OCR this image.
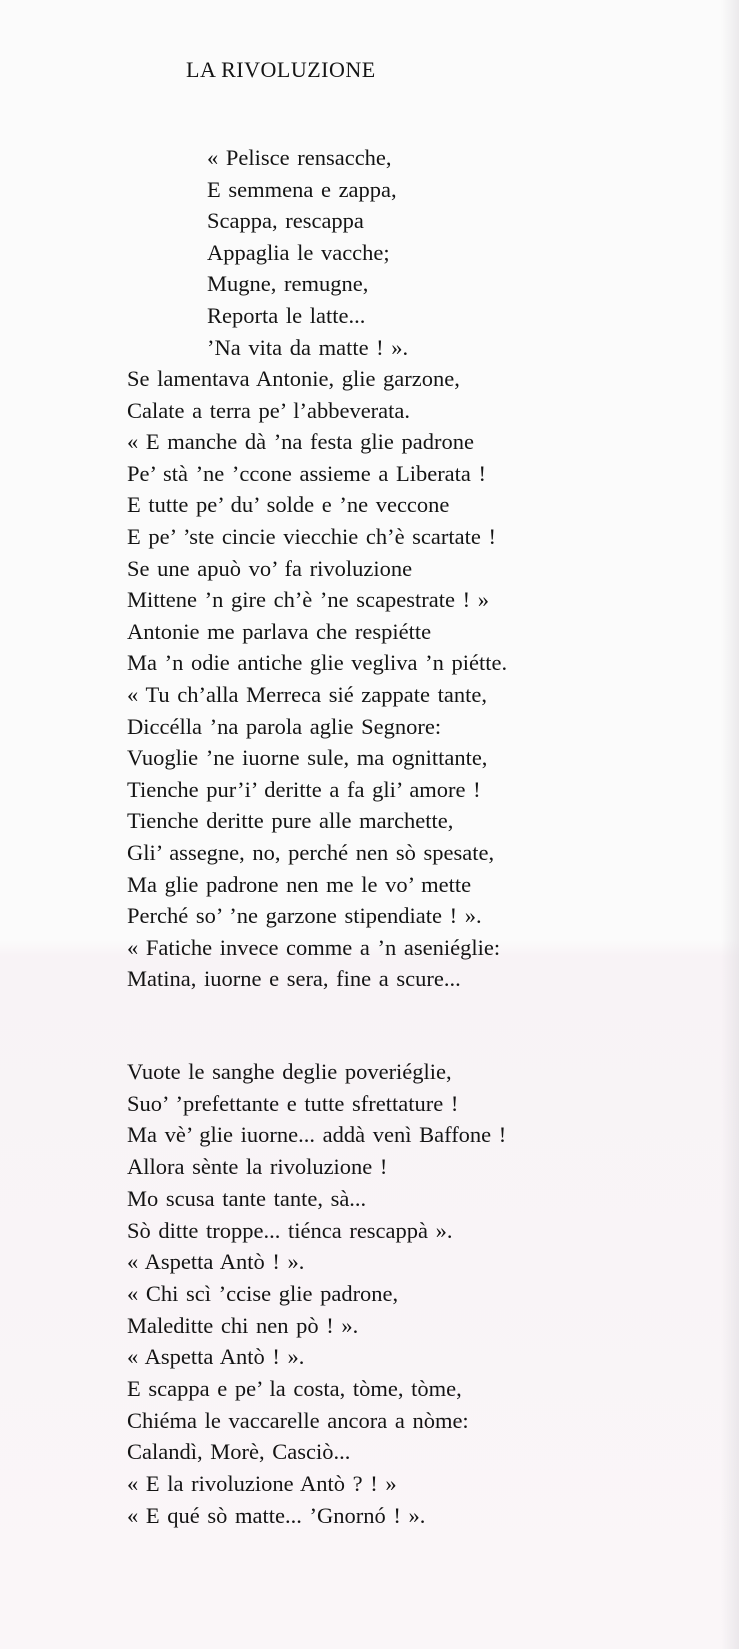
LA RIVOLUZIONE
« Pelisce rensacche,
E semmena e zappa,
Scappa, rescappa
Appaglia le vacche;
Mugne, remugne,
Reporta le latte...
’Na vita da matte ! ».
Se lamentava Antonie, glie garzone,
Calate a terra pe’ l’abbeverata.
« E manche dà ’na festa glie padrone
Pe’ stà ’ne ’ccone assieme a Liberata !
E tutte pe’ du’ solde e ’ne veccone
E pe’ ’ste cincie viecchie ch’è scartate !
Se une apuò vo’ fa rivoluzione
Mittene ’n gire ch’è ’ne scapestrate ! »
Antonie me parlava che respiétte
Ma ’n odie antiche glie vegliva ’n piétte.
« Tu ch’alla Merreca sié zappate tante,
Diccélla ’na parola aglie Segnore:
Vuoglie ’ne iuorne sule, ma ognittante,
Tienche pur’i’ deritte a fa gli’ amore !
Tienche deritte pure alle marchette,
Gli’ assegne, no, perché nen sò spesate,
Ma glie padrone nen me le vo’ mette
Perché so’ ’ne garzone stipendiate ! ».
« Fatiche invece comme a ’n aseniéglie:
Matina, iuorne e sera, fine a scure...
Vuote le sanghe deglie poveriéglie,
Suo’ ’prefettante e tutte sfrettature !
Ma vè’ glie iuorne... addà venì Baffone !
Allora sènte la rivoluzione !
Mo scusa tante tante, sà...
Sò ditte troppe... tiénca rescappà ».
« Aspetta Antò ! ».
« Chi scì ’ccise glie padrone,
Maleditte chi nen pò ! ».
« Aspetta Antò ! ».
E scappa e pe’ la costa, tòme, tòme,
Chiéma le vaccarelle ancora a nòme:
Calandì, Morè, Casciò...
« E la rivoluzione Antò ? ! »
« E qué sò matte... ’Gnornó ! ».
